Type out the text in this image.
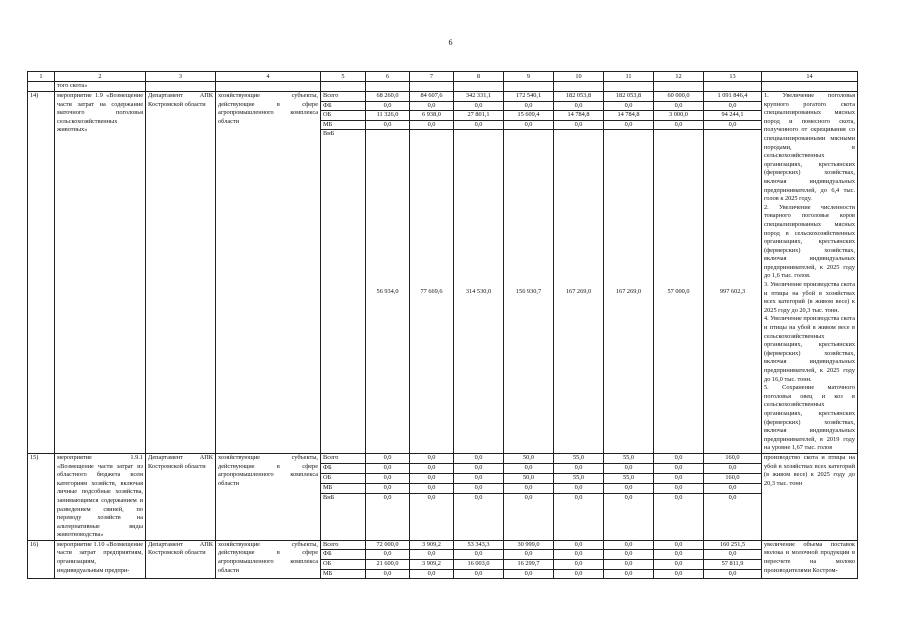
6
1	2	3	4	5	6	7	8	9	10	11	12	13	14
	того скота»												
14)	мероприятие 1.9 «Возмещение части затрат на содержание маточного поголовья сельскохозяйственных животных»	Департамент АПК Костромской области	хозяйствующие субъекты, действующие в сфере агропромышленного комплекса области	Всего	68 260,0	84 607,6	342 331,1	172 540,1	182 053,8	182 053,8	60 000,0	1 091 846,4	1. Увеличение поголовья крупного рогатого скота специализированных мясных пород и помесного скота, полученного от скрещивания со специализированными мясными породами, в сельскохозяйственных организациях, крестьянских (фермерских) хозяйствах, включая индивидуальных предпринимателей, до 6,4 тыс. голов к 2025 году.
2. Увеличение численности товарного поголовья коров специализированных мясных пород в сельскохозяйственных организациях, крестьянских (фермерских) хозяйствах, включая индивидуальных предпринимателей, к 2025 году до 1,6 тыс. голов.
3. Увеличение производства скота и птицы на убой в хозяйствах всех категорий (в живом весе) к 2025 году до 20,3 тыс. тонн.
4. Увеличение производства скота и птицы на убой в живом весе в сельскохозяйственных организациях, крестьянских (фермерских) хозяйствах, включая индивидуальных предпринимателей, к 2025 году до 16,0 тыс. тонн.
5. Сохранение маточного поголовья овец и коз в сельскохозяйственных организациях, крестьянских (фермерских) хозяйствах, включая индивидуальных предпринимателей, в 2019 году на уровне 1,67 тыс. голов
				ФБ	0,0	0,0	0,0	0,0	0,0	0,0	0,0	0,0	
				ОБ	11 326,0	6 938,0	27 801,1	15 609,4	14 784,8	14 784,8	3 000,0	94 244,1	
				МБ	0,0	0,0	0,0	0,0	0,0	0,0	0,0	0,0	
				ВнБ	56 934,0	77 669,6	314 530,0	156 930,7	167 269,0	167 269,0	57 000,0	997 602,3	
15)	мероприятие 1.9.1 «Возмещение части затрат из областного бюджета всем категориям хозяйств, включая личные подсобные хозяйства, занимающимся содержанием и разведением свиней, по переводу хозяйств на альтернативные виды животноводства»	Департамент АПК Костромской области	хозяйствующие субъекты, действующие в сфере агропромышленного комплекса области	Всего	0,0	0,0	0,0	50,0	55,0	55,0	0,0	160,0	производство скота и птицы на убой в хозяйствах всех категорий (в живом весе) к 2025 году до 20,3 тыс. тонн
				ФБ	0,0	0,0	0,0	0,0	0,0	0,0	0,0	0,0	
				ОБ	0,0	0,0	0,0	50,0	55,0	55,0	0,0	160,0	
				МБ	0,0	0,0	0,0	0,0	0,0	0,0	0,0	0,0	
				ВнБ	0,0	0,0	0,0	0,0	0,0	0,0	0,0	0,0	
16)	мероприятие 1.10 «Возмещение части затрат предприятиям, организациям, индивидуальным предпри-	Департамент АПК Костромской области	хозяйствующие субъекты, действующие в сфере агропромышленного комплекса области	Всего	72 000,0	3 909,2	53 343,3	30 999,0	0,0	0,0	0,0	160 251,5	увеличение объема поставок молока и молочной продукции в пересчете на молоко производителями Костром-
				ФБ	0,0	0,0	0,0	0,0	0,0	0,0	0,0	0,0	
				ОБ	21 600,0	3 909,2	16 003,0	16 299,7	0,0	0,0	0,0	57 811,9	
				МБ	0,0	0,0	0,0	0,0	0,0	0,0	0,0	0,0	
